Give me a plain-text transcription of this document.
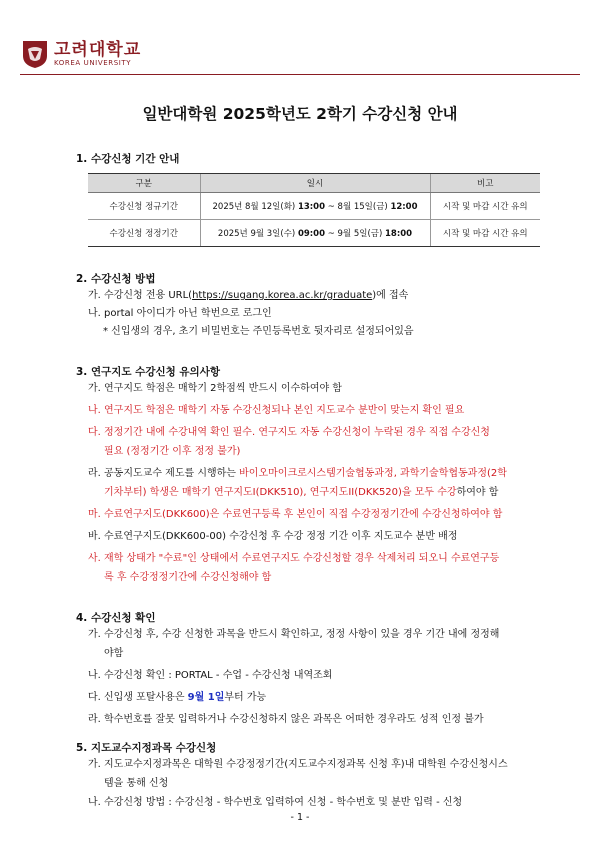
고려대학교
KOREA UNIVERSITY
일반대학원 2025학년도 2학기 수강신청 안내
1. 수강신청 기간 안내
구분	일시	비고
수강신청 정규기간	2025년 8월 12일(화) 13:00 ~ 8월 15일(금) 12:00	시작 및 마감 시간 유의
수강신청 정정기간	2025년 9월 3일(수) 09:00 ~ 9월 5일(금) 18:00	시작 및 마감 시간 유의
2. 수강신청 방법
가. 수강신청 전용 URL(https://sugang.korea.ac.kr/graduate)에 접속
나. portal 아이디가 아닌 학번으로 로그인
* 신입생의 경우, 초기 비밀번호는 주민등록번호 뒷자리로 설정되어있음
3. 연구지도 수강신청 유의사항
가. 연구지도 학점은 매학기 2학점씩 반드시 이수하여야 함
나. 연구지도 학점은 매학기 자동 수강신청되나 본인 지도교수 분반이 맞는지 확인 필요
다. 정정기간 내에 수강내역 확인 필수. 연구지도 자동 수강신청이 누락된 경우 직접 수강신청
필요 (정정기간 이후 정정 불가)
라. 공동지도교수 제도를 시행하는 바이오마이크로시스템기술협동과정, 과학기술학협동과정(2학
기차부터) 학생은 매학기 연구지도I(DKK510), 연구지도II(DKK520)을 모두 수강하여야 함
마. 수료연구지도(DKK600)은 수료연구등록 후 본인이 직접 수강정정기간에 수강신청하여야 함
바. 수료연구지도(DKK600-00) 수강신청 후 수강 정정 기간 이후 지도교수 분반 배정
사. 재학 상태가 "수료"인 상태에서 수료연구지도 수강신청할 경우 삭제처리 되오니 수료연구등
록 후 수강정정기간에 수강신청해야 함
4. 수강신청 확인
가. 수강신청 후, 수강 신청한 과목을 반드시 확인하고, 정정 사항이 있을 경우 기간 내에 정정해
야함
나. 수강신청 확인 : PORTAL - 수업 - 수강신청 내역조회
다. 신입생 포탈사용은 9월 1일부터 가능
라. 학수번호를 잘못 입력하거나 수강신청하지 않은 과목은 어떠한 경우라도 성적 인정 불가
5. 지도교수지정과목 수강신청
가. 지도교수지정과목은 대학원 수강정정기간(지도교수지정과목 신청 후)내 대학원 수강신청시스
템을 통해 신청
나. 수강신청 방법 : 수강신청 - 학수번호 입력하여 신청 - 학수번호 및 분반 입력 - 신청
- 1 -
